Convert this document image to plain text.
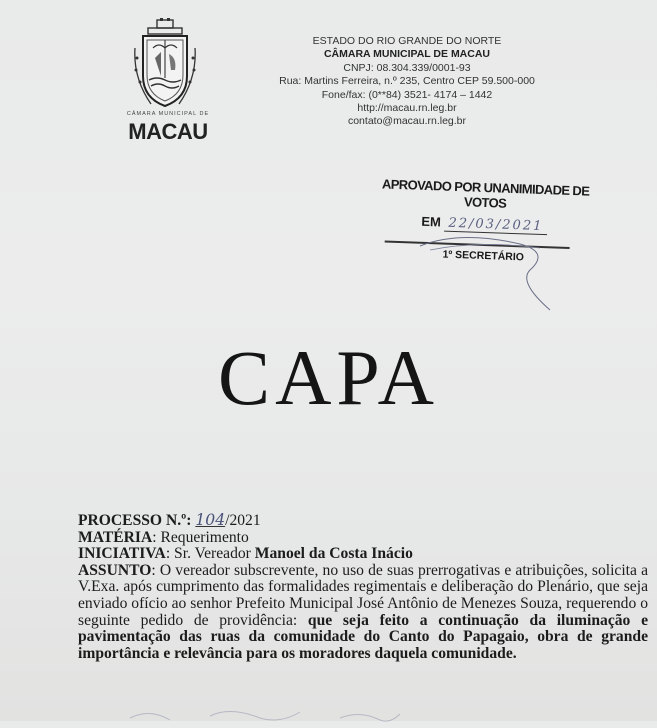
CÂMARA MUNICIPAL DE
MACAU
ESTADO DO RIO GRANDE DO NORTE
CÂMARA MUNICIPAL DE MACAU
CNPJ: 08.304.339/0001-93
Rua: Martins Ferreira, n.º 235, Centro CEP 59.500-000
Fone/fax: (0**84) 3521- 4174 – 1442
http://macau.rn.leg.br
contato@macau.rn.leg.br
APROVADO POR UNANIMIDADE DE VOTOS
EM 22/03/2021
1º SECRETÁRIO
CAPA
PROCESSO N.º: 104/2021
MATÉRIA: Requerimento
INICIATIVA: Sr. Vereador Manoel da Costa Inácio
ASSUNTO: O vereador subscrevente, no uso de suas prerrogativas e atribuições, solicita a V.Exa. após cumprimento das formalidades regimentais e deliberação do Plenário, que seja enviado ofício ao senhor Prefeito Municipal José Antônio de Menezes Souza, requerendo o seguinte pedido de providência: que seja feito a continuação da iluminação e pavimentação das ruas da comunidade do Canto do Papagaio, obra de grande importância e relevância para os moradores daquela comunidade.
